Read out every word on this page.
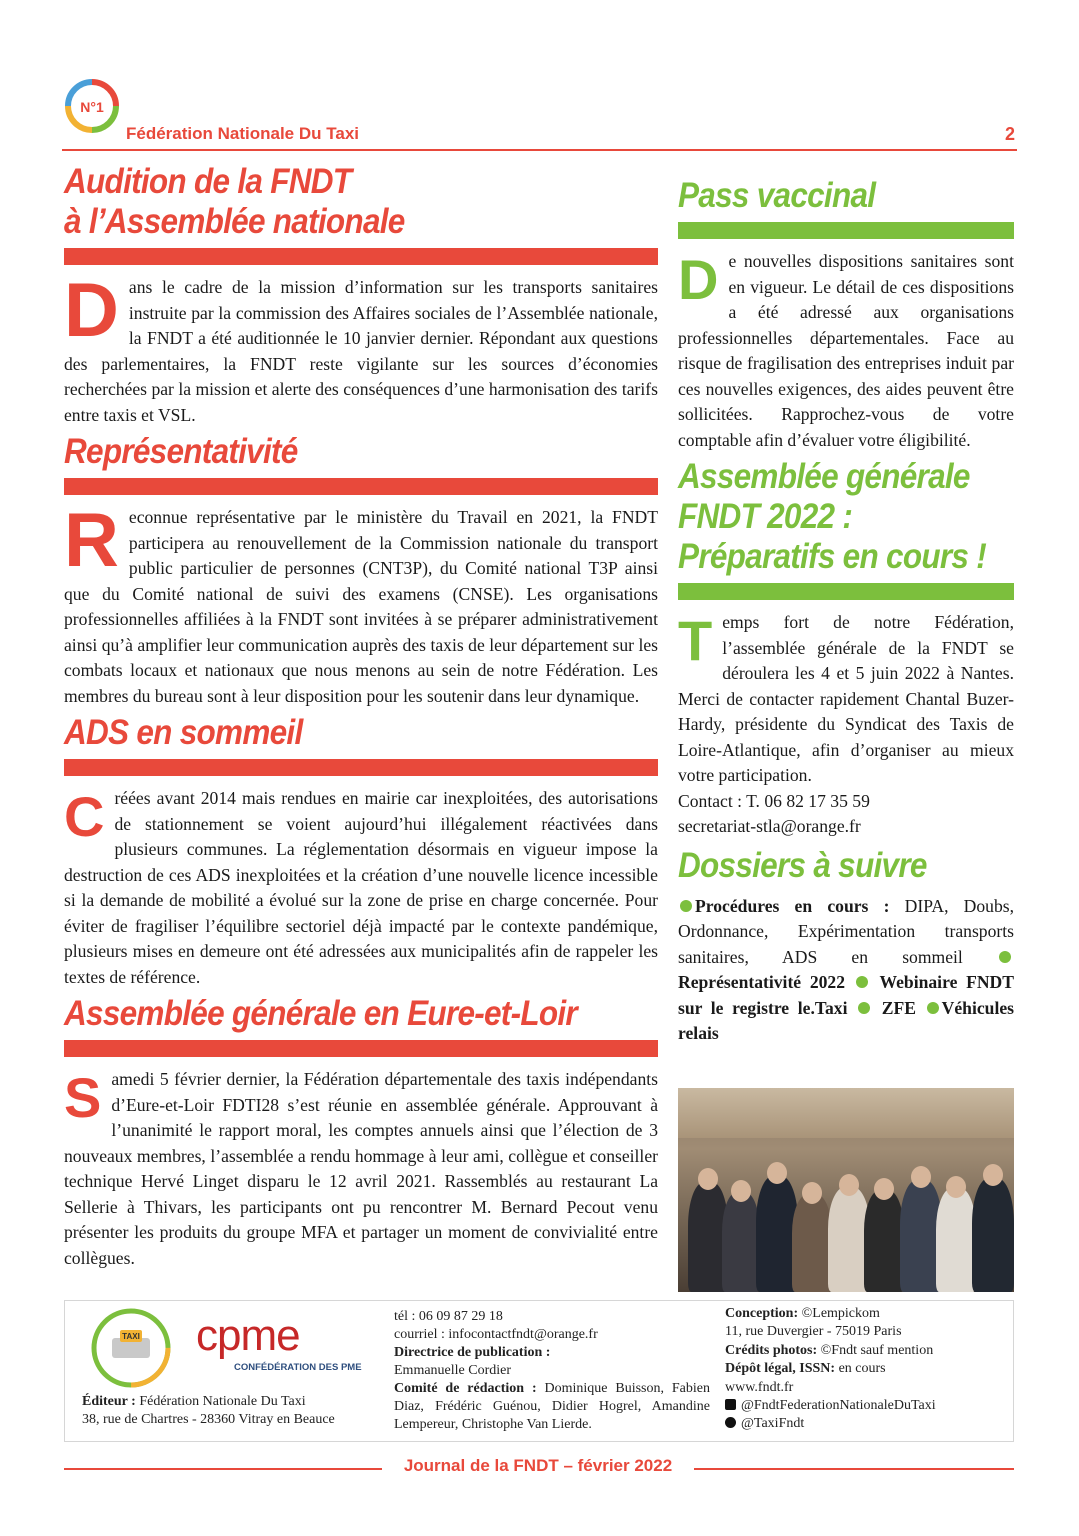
N°1
Fédération Nationale Du Taxi	2
Audition de la FNDT
à l’Assemblée nationale

Dans le cadre de la mission d’information sur les transports sanitaires instruite par la commission des Affaires sociales de l’Assemblée nationale, la FNDT a été auditionnée le 10 janvier dernier. Répondant aux questions des parlementaires, la FNDT reste vigilante sur les sources d’économies recherchées par la mission et alerte des conséquences d’une harmonisation des tarifs entre taxis et VSL.

Représentativité

Reconnue représentative par le ministère du Travail en 2021, la FNDT participera au renouvellement de la Commission nationale du transport public particulier de personnes (CNT3P), du Comité national T3P ainsi que du Comité national de suivi des examens (CNSE). Les organisations professionnelles affiliées à la FNDT sont invitées à se préparer administrativement ainsi qu’à amplifier leur communication auprès des taxis de leur département sur les combats locaux et nationaux que nous menons au sein de notre Fédération. Les membres du bureau sont à leur disposition pour les soutenir dans leur dynamique.

ADS en sommeil

Créées avant 2014 mais rendues en mairie car inexploitées, des autorisations de stationnement se voient aujourd’hui illégalement réactivées dans plusieurs communes. La réglementation désormais en vigueur impose la destruction de ces ADS inexploitées et la création d’une nouvelle licence incessible si la demande de mobilité a évolué sur la zone de prise en charge concernée. Pour éviter de fragiliser l’équilibre sectoriel déjà impacté par le contexte pandémique, plusieurs mises en demeure ont été adressées aux municipalités afin de rappeler les textes de référence.

Assemblée générale en Eure-et-Loir

Samedi 5 février dernier, la Fédération départementale des taxis indépendants d’Eure-et-Loir FDTI28 s’est réunie en assemblée générale. Approuvant à l’unanimité le rapport moral, les comptes annuels ainsi que l’élection de 3 nouveaux membres, l’assemblée a rendu hommage à leur ami, collègue et conseiller technique Hervé Linget disparu le 12 avril 2021. Rassemblés au restaurant La Sellerie à Thivars, les participants ont pu rencontrer M. Bernard Pecout venu présenter les produits du groupe MFA et partager un moment de convivialité entre collègues.

Pass vaccinal

De nouvelles dispositions sanitaires sont en vigueur. Le détail de ces dispositions a été adressé aux organisations professionnelles départementales. Face au risque de fragilisation des entreprises induit par ces nouvelles exigences, des aides peuvent être sollicitées. Rapprochez-vous de votre comptable afin d’évaluer votre éligibilité.

Assemblée générale
FNDT 2022 :
Préparatifs en cours !

Temps fort de notre Fédération, l’assemblée générale de la FNDT se déroulera les 4 et 5 juin 2022 à Nantes. Merci de contacter rapidement Chantal Buzer-Hardy, présidente du Syndicat des Taxis de Loire-Atlantique, afin d’organiser au mieux votre participation.

Contact : T. 06 82 17 35 59

secretariat-stla@orange.fr

Dossiers à suivre

Procédures en cours : DIPA, Doubs, Ordonnance, Expérimentation transports sanitaires, ADS en sommeil  Représentativité 2022 Webinaire FNDT sur le registre le.Taxi ZFE Véhicules relais

TAXI cpme
CONFÉDÉRATION DES PME
Éditeur : Fédération Nationale Du Taxi
38, rue de Chartres - 28360 Vitray en Beauce
tél : 06 09 87 29 18
courriel : infocontactfndt@orange.fr
Directrice de publication :
Emmanuelle Cordier
Comité de rédaction : Dominique Buisson, Fabien Diaz, Frédéric Guénou, Didier Hogrel, Amandine Lempereur, Christophe Van Lierde.
Conception: ©Lempickom
11, rue Duvergier - 75019 Paris
Crédits photos: ©Fndt sauf mention
Dépôt légal, ISSN: en cours
www.fndt.fr
@FndtFederationNationaleDuTaxi
@TaxiFndt
Journal de la FNDT – février 2022
